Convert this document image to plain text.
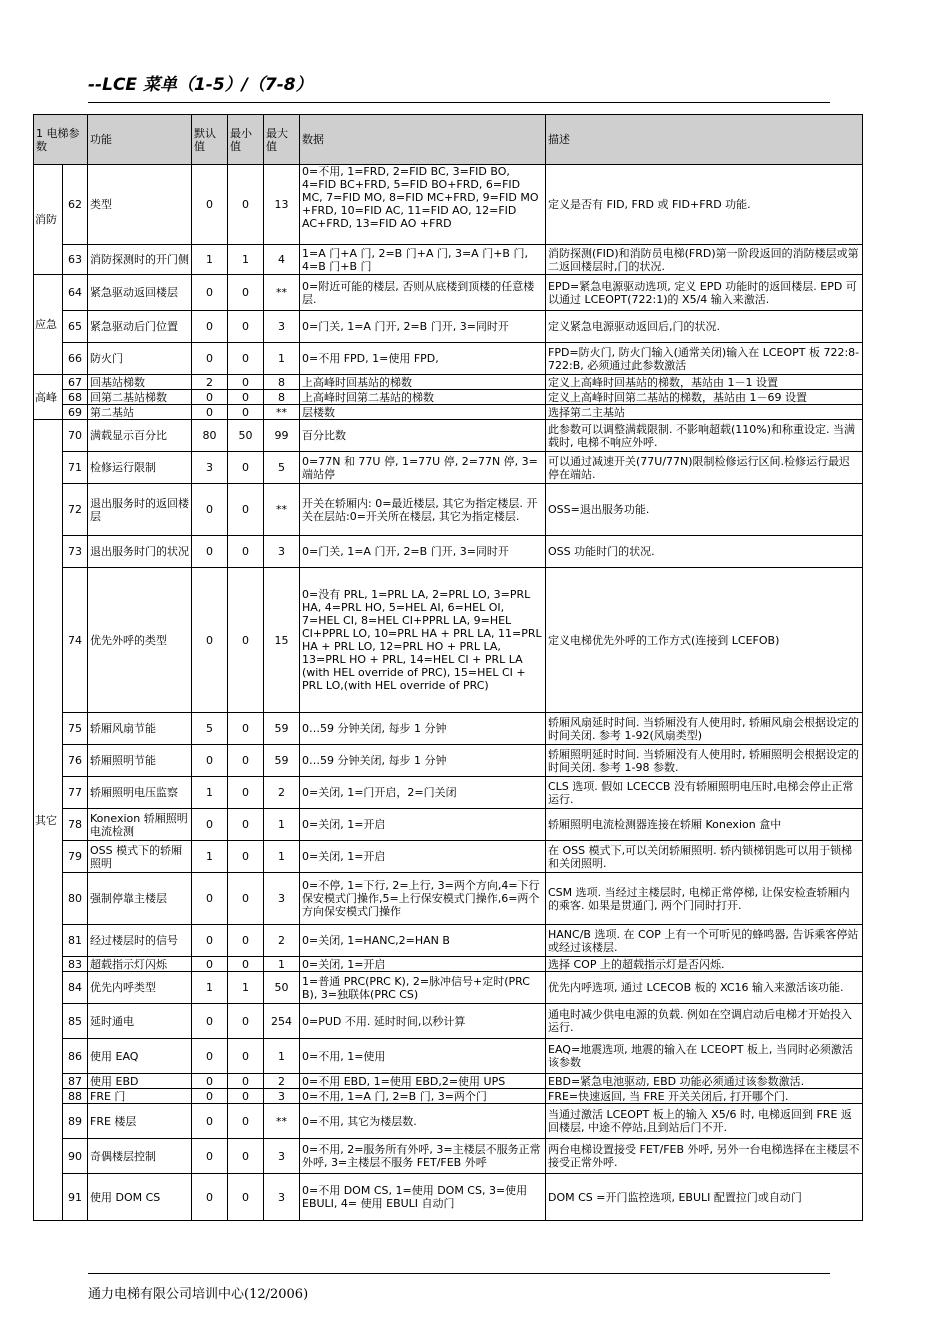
--LCE 菜单（1-5）/（7-8）
1 电梯参数		功能	默认值	最小值	最大值	数据	描述
消防	62	类型	0	0	13	0=不用, 1=FRD, 2=FID BC, 3=FID BO, 4=FID BC+FRD, 5=FID BO+FRD, 6=FID MC, 7=FID MO, 8=FID MC+FRD, 9=FID MO +FRD, 10=FID AC, 11=FID AO, 12=FID AC+FRD, 13=FID AO +FRD	定义是否有 FID, FRD 或 FID+FRD 功能.
	63	消防探测时的开门侧	1	1	4	1=A 门+A 门, 2=B 门+A 门, 3=A 门+B 门, 4=B 门+B 门	消防探测(FID)和消防员电梯(FRD)第一阶段返回的消防楼层或第二返回楼层时,门的状况.
应急	64	紧急驱动返回楼层	0	0	**	0=附近可能的楼层, 否则从底楼到顶楼的任意楼层.	EPD=紧急电源驱动选项, 定义 EPD 功能时的返回楼层. EPD 可以通过 LCEOPT(722:1)的 X5/4 输入来激活.
	65	紧急驱动后门位置	0	0	3	0=门关, 1=A 门开, 2=B 门开, 3=同时开	定义紧急电源驱动返回后,门的状况.
	66	防火门	0	0	1	0=不用 FPD, 1=使用 FPD,	FPD=防火门, 防火门输入(通常关闭)输入在 LCEOPT 板 722:8-722:B, 必须通过此参数激活
高峰	67	回基站梯数	2	0	8	上高峰时回基站的梯数	定义上高峰时回基站的梯数，基站由 1－1 设置
	68	回第二基站梯数	0	0	8	上高峰时回第二基站的梯数	定义上高峰时回第二基站的梯数，基站由 1－69 设置
	69	第二基站	0	0	**	层楼数	选择第二主基站
其它	70	满载显示百分比	80	50	99	百分比数	此参数可以调整满载限制. 不影响超载(110%)和称重设定. 当满载时, 电梯不响应外呼.
	71	检修运行限制	3	0	5	0=77N 和 77U 停, 1=77U 停, 2=77N 停, 3=端站停	可以通过减速开关(77U/77N)限制检修运行区间.检修运行最迟停在端站.
	72	退出服务时的返回楼层	0	0	**	开关在轿厢内: 0=最近楼层, 其它为指定楼层. 开关在层站:0=开关所在楼层, 其它为指定楼层.	OSS=退出服务功能.
	73	退出服务时门的状况	0	0	3	0=门关, 1=A 门开, 2=B 门开, 3=同时开	OSS 功能时门的状况.
	74	优先外呼的类型	0	0	15	0=没有 PRL, 1=PRL LA, 2=PRL LO, 3=PRL HA, 4=PRL HO, 5=HEL AI, 6=HEL OI, 7=HEL CI, 8=HEL CI+PPRL LA, 9=HEL CI+PPRL LO, 10=PRL HA + PRL LA, 11=PRL HA + PRL LO, 12=PRL HO + PRL LA, 13=PRL HO + PRL, 14=HEL CI + PRL LA (with HEL override of PRC), 15=HEL CI + PRL LO,(with HEL override of PRC)	定义电梯优先外呼的工作方式(连接到 LCEFOB)
	75	轿厢风扇节能	5	0	59	0…59 分钟关闭, 每步 1 分钟	轿厢风扇延时时间. 当轿厢没有人使用时, 轿厢风扇会根据设定的时间关闭. 参考 1-92(风扇类型)
	76	轿厢照明节能	0	0	59	0…59 分钟关闭, 每步 1 分钟	轿厢照明延时时间. 当轿厢没有人使用时, 轿厢照明会根据设定的时间关闭. 参考 1-98 参数.
	77	轿厢照明电压监察	1	0	2	0=关闭, 1=门开启，2=门关闭	CLS 选项. 假如 LCECCB 没有轿厢照明电压时,电梯会停止正常运行.
	78	Konexion 轿厢照明电流检测	0	0	1	0=关闭, 1=开启	轿厢照明电流检测器连接在轿厢 Konexion 盒中
	79	OSS 模式下的轿厢照明	1	0	1	0=关闭, 1=开启	在 OSS 模式下,可以关闭轿厢照明. 轿内锁梯钥匙可以用于锁梯和关闭照明.
	80	强制停靠主楼层	0	0	3	0=不停, 1=下行, 2=上行, 3=两个方向,4=下行保安模式门操作,5=上行保安模式门操作,6=两个方向保安模式门操作	CSM 选项. 当经过主楼层时, 电梯正常停梯, 让保安检查轿厢内的乘客. 如果是贯通门, 两个门同时打开.
	81	经过楼层时的信号	0	0	2	0=关闭, 1=HANC,2=HAN B	HANC/B 选项. 在 COP 上有一个可听见的蜂鸣器, 告诉乘客停站或经过该楼层.
	83	超载指示灯闪烁	0	0	1	0=关闭, 1=开启	选择 COP 上的超载指示灯是否闪烁.
	84	优先内呼类型	1	1	50	1=普通 PRC(PRC K), 2=脉冲信号+定时(PRC B), 3=独联体(PRC CS)	优先内呼选项, 通过 LCECOB 板的 XC16 输入来激活该功能.
	85	延时通电	0	0	254	0=PUD 不用. 延时时间,以秒计算	通电时减少供电电源的负载. 例如在空调启动后电梯才开始投入运行.
	86	使用 EAQ	0	0	1	0=不用, 1=使用	EAQ=地震选项, 地震的输入在 LCEOPT 板上, 当同时必须激活该参数
	87	使用 EBD	0	0	2	0=不用 EBD, 1=使用 EBD,2=使用 UPS	EBD=紧急电池驱动, EBD 功能必须通过该参数激活.
	88	FRE 门	0	0	3	0=不用, 1=A 门, 2=B 门, 3=两个门	FRE=快速返回, 当 FRE 开关关闭后, 打开哪个门.
	89	FRE 楼层	0	0	**	0=不用, 其它为楼层数.	当通过激活 LCEOPT 板上的输入 X5/6 时, 电梯返回到 FRE 返回楼层, 中途不停站,且到站后门不开.
	90	奇偶楼层控制	0	0	3	0=不用, 2=服务所有外呼, 3=主楼层不服务正常外呼, 3=主楼层不服务 FET/FEB 外呼	两台电梯设置接受 FET/FEB 外呼, 另外一台电梯选择在主楼层不接受正常外呼.
	91	使用 DOM CS	0	0	3	0=不用 DOM CS, 1=使用 DOM CS, 3=使用 EBULI, 4= 使用 EBULI 自动门	DOM CS =开门监控选项, EBULI 配置拉门或自动门
通力电梯有限公司培训中心(12/2006)
